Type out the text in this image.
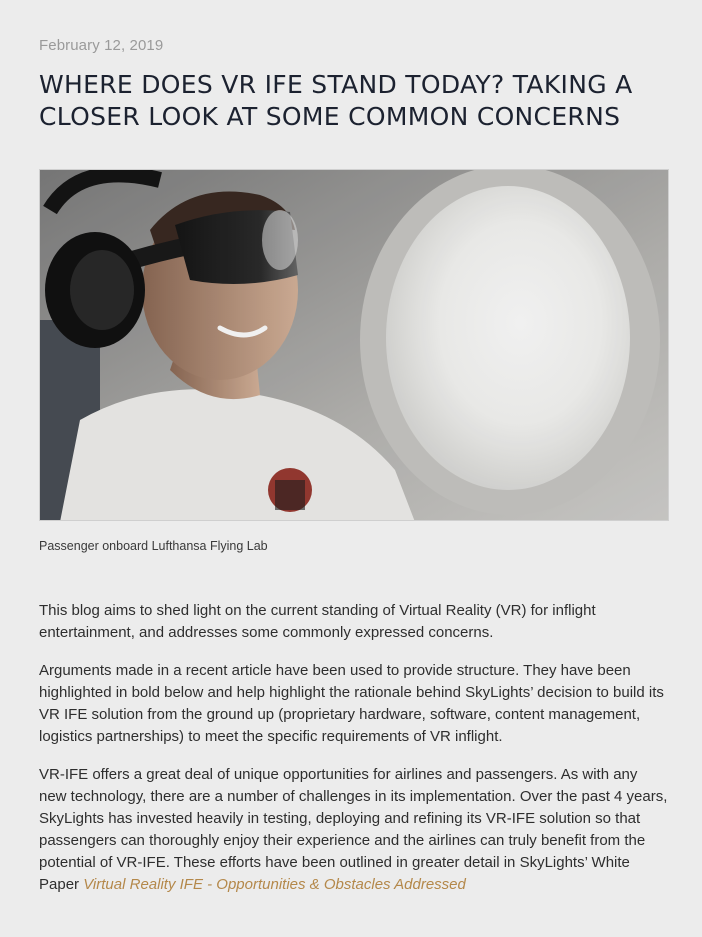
February 12, 2019
WHERE DOES VR IFE STAND TODAY? TAKING A CLOSER LOOK AT SOME COMMON CONCERNS
Passenger onboard Lufthansa Flying Lab

This blog aims to shed light on the current standing of Virtual Reality (VR) for inflight entertainment, and addresses some commonly expressed concerns.

Arguments made in a recent article have been used to provide structure. They have been highlighted in bold below and help highlight the rationale behind SkyLights’ decision to build its VR IFE solution from the ground up (proprietary hardware, software, content management, logistics partnerships) to meet the specific requirements of VR inflight.

VR-IFE offers a great deal of unique opportunities for airlines and passengers. As with any new technology, there are a number of challenges in its implementation. Over the past 4 years, SkyLights has invested heavily in testing, deploying and refining its VR-IFE solution so that passengers can thoroughly enjoy their experience and the airlines can truly benefit from the potential of VR-IFE. These efforts have been outlined in greater detail in SkyLights’ White Paper Virtual Reality IFE - Opportunities & Obstacles Addressed
